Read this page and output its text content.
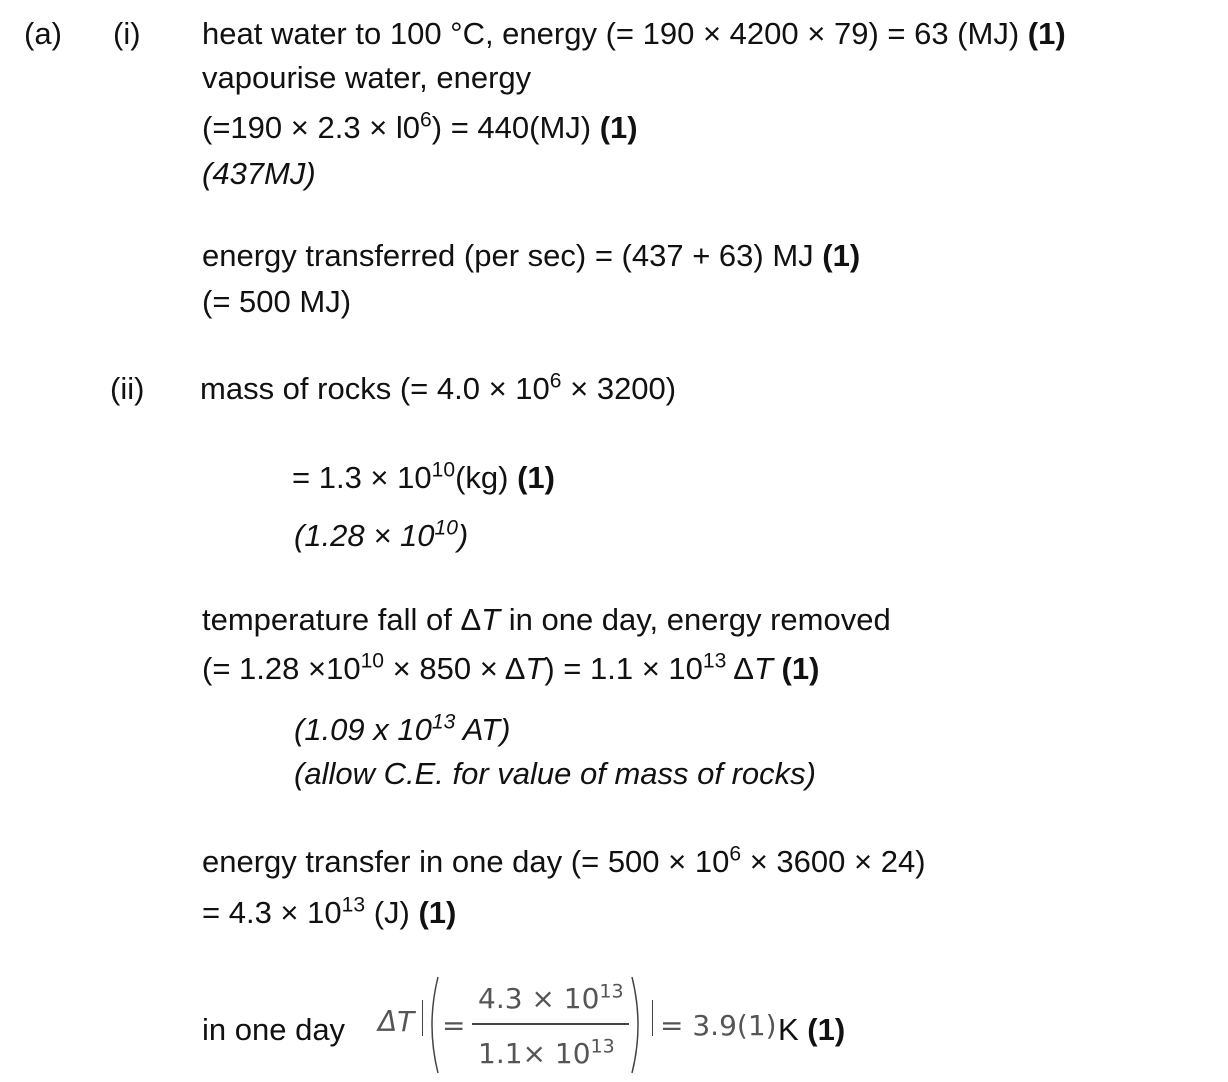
(a) (i) heat water to 100 °C, energy (= 190 × 4200 × 79) = 63 (MJ) (1)
vapourise water, energy
$(=190 \times 2.3 \times l0^6) = 440(MJ)$ (1)
(437MJ)
energy transferred (per sec) = (437 + 63) MJ (1)
(= 500 MJ)
(ii) mass of rocks (= $4.0 \times 10^6 \times 3200$)
= $1.3 \times 10^{10}(kg)$ (1)
$(1.28 \times 10^{10})$
temperature fall of ΔT in one day, energy removed
(= $1.28 \times 10^{10} \times 850 \times \Delta T) = 1.1 \times 10^{13}$ ΔT (1)
(1.09 x $10^{13}$ AT)
(allow C.E. for value of mass of rocks)
energy transfer in one day (= $500 \times 10^6 \times 3600 \times 24$)
= $4.3 \times 10^{13}$ (J) (1)
in one day ΔT =
$4.3 \times 10^{13}$
$1.1\times 10^{13}$
= 3.9(1) K (1)
